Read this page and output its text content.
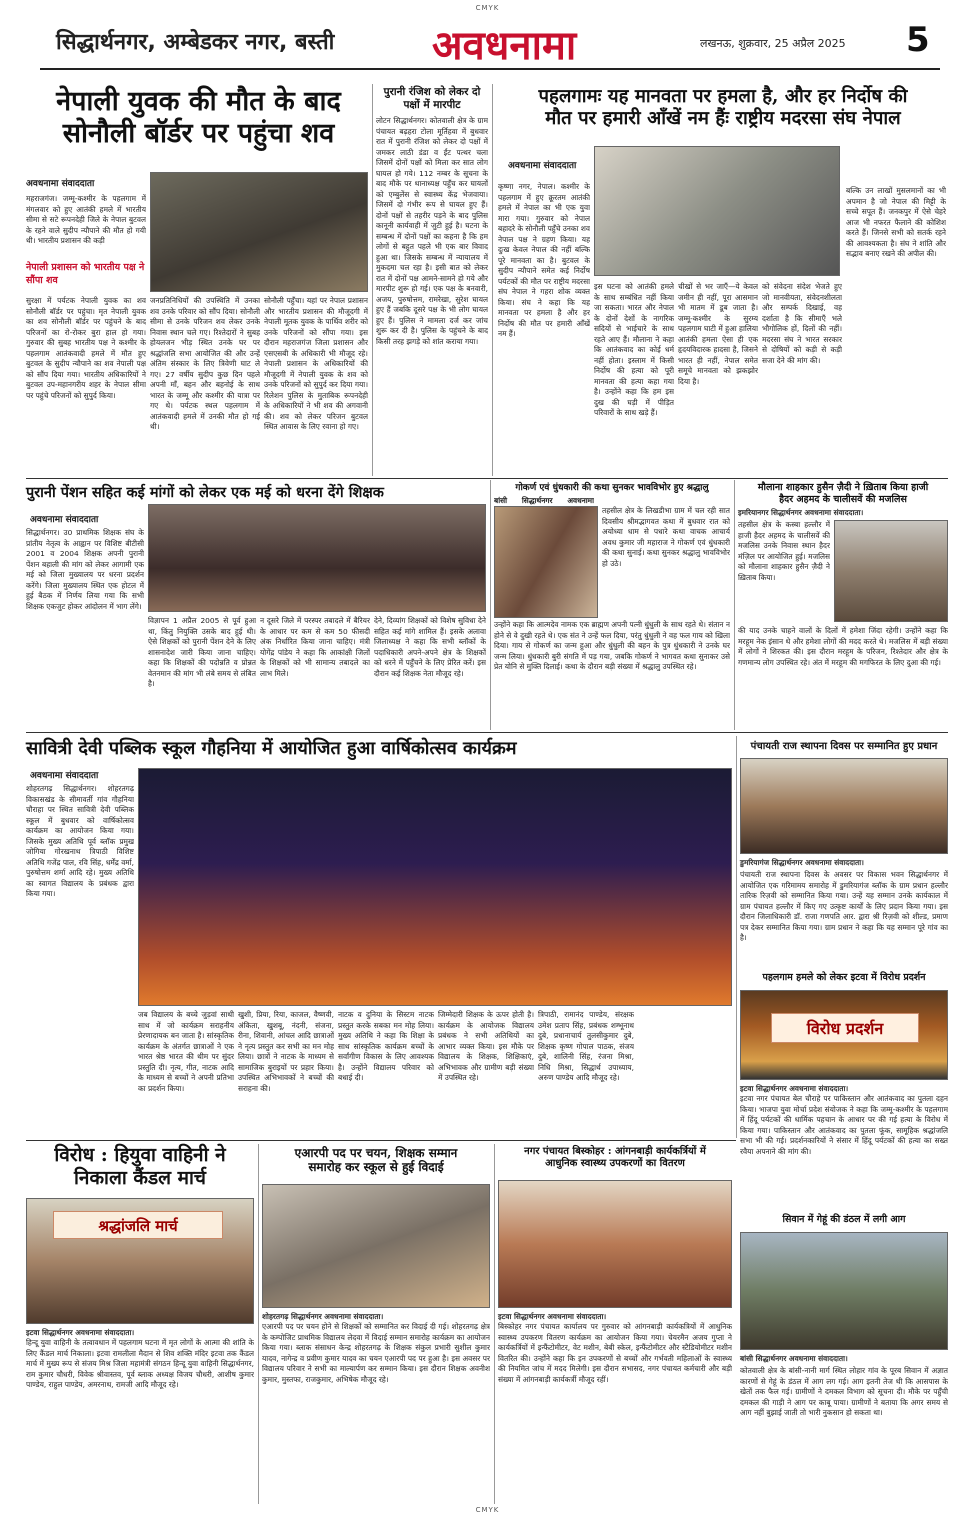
CMYK
सिद्धार्थनगर, अम्बेडकर नगर, बस्ती अवधनामा	लखनऊ, शुक्रवार, 25 अप्रैल 2025 5
नेपाली युवक की मौत के बाद
सोनौली बॉर्डर पर पहुंचा शव
अवधनामा संवाददाता
महराजगंज। जम्मू-कश्मीर के पहलगाम में मंगलवार को हुए आतंकी हमले में भारतीय सीमा से सटे रूपनदेही जिले के नेपाल बुटवल के रहने वाले सुदीप न्यौपाने की मौत हो गयी थी। भारतीय प्रशासन की कड़ी
नेपाली प्रशासन को भारतीय पक्ष ने सौंपा शव
सुरक्षा में पर्यटक नेपाली युवक का शव सोनौली बॉर्डर पर पहुंचा। मृत नेपाली युवक का शव सोनौली बॉर्डर पर पहुंचने के बाद परिजनों का रो-रोकर बुरा हाल हो गया। गुरुवार की सुबह भारतीय पक्ष ने कश्मीर के पहलगाम आतंकवादी हमले में मौत हुए बुटवल के सुदीप न्यौपाने का शव नेपाली पक्ष को सौंप दिया गया। भारतीय अधिकारियों ने बुटवल उप-महानगरीय शहर के नेपाल सीमा पर पहुंचे परिजनों को सुपुर्द किया।
जनप्रतिनिधियों की उपस्थिति में उनका शव उनके परिवार को सौंप दिया। सोनौली सीमा से उनके परिजन शव लेकर उनके निवास स्थान चले गए। रिश्तेदारों ने सुबह होयलजन भीड़ स्थित उनके घर पर श्रद्धांजलि सभा आयोजित की और उन्हें अंतिम संस्कार के लिए त्रिवेणी घाट ले गए। 27 वर्षीय सुदीप कुछ दिन पहले अपनी माँ, बहन और बहनोई के साथ भारत के जम्मू और कश्मीर की यात्रा पर गए थे। पर्यटक स्थल पहलगाम में आतंकवादी हमले में उनकी मौत हो गई थी।
सोनौली पहुँचा। यहां पर नेपाल प्रशासन और भारतीय प्रशासन की मौजूदगी में नेपाली मूतक युवक के पार्थिव शरीर को उनके परिजनों को सौंपा गया। इस दौरान महराजगंज जिला प्रशासन और एसएसबी के अधिकारी भी मौजूद रहे। नेपाली प्रशासन के अधिकारियों की मौजूदगी में नेपाली युवक के शव को उनके परिजनों को सुपुर्द कर दिया गया। रिलेशन पुलिस के मुताबिक रूपनदेही के अधिकारियों ने भी शव की अगवानी की। शव को लेकर परिजन बुटवल स्थित आवास के लिए रवाना हो गए।
पुरानी रंजिश को लेकर दो
पक्षों में मारपीट
लोटन सिद्धार्थनगर। कोतवाली क्षेत्र के ग्राम पंचायत बढ़हरा टोला मूर्तिहवा में बुधवार रात में पुरानी रंजिश को लेकर दो पक्षों में जमकर लाठी डंडा व ईंट पत्थर चला जिसमें दोनों पक्षों को मिला कर सात लोग घायल हो गये। 112 नम्बर के सूचना के बाद मौके पर थानाध्यक्ष पहुँच कर घायलों को एम्बुलेंस से स्वास्थ्य केंद्र भेजवाया। जिसमें दो गंभीर रूप से घायल हुए हैं। दोनों पक्षों से तहरीर पड़ने के बाद पुलिस कानूनी कार्यवाही में जुटी हुई है। घटना के सम्बन्ध में दोनों पक्षों का कहना है कि हम लोगों से बहुत पहले भी एक बार विवाद हुआ था। जिसके सम्बन्ध में न्यायालय में मुकदमा चल रहा है। इसी बात को लेकर रात में दोनों पक्ष आमने-सामने हो गये और मारपीट शुरू हो गई। एक पक्ष के बनवारी, अजय, पुरुषोत्तम, रामरेखा, सुरेश घायल हुए हैं जबकि दूसरे पक्ष के भी लोग घायल हुए हैं। पुलिस ने मामला दर्ज कर जांच शुरू कर दी है। पुलिस के पहुंचने के बाद किसी तरह झगड़े को शांत कराया गया।
पहलगामः यह मानवता पर हमला है, और हर निर्दोष की
मौत पर हमारी आँखें नम हैंः राष्ट्रीय मदरसा संघ नेपाल
अवधनामा संवाददाता
कृष्णा नगर, नेपाल। कश्मीर के पहलगाम में हुए क्रूरतम आतंकी हमले में नेपाल का भी एक युवा मारा गया। गुरुवार को नेपाल बहादरे के सोनौली पहुँचे उनका शव नेपाल पक्ष ने ग्रहण किया। यह दुःख केवल नेपाल की नहीं बल्कि पूरे मानवता का है। बुटवल के सुदीप न्यौपाने समेत कई निर्दोष पर्यटकों की मौत पर राष्ट्रीय मदरसा संघ नेपाल ने गहरा शोक व्यक्त किया। संघ ने कहा कि यह मानवता पर हमला है और हर निर्दोष की मौत पर हमारी आँखें नम हैं।
इस घटना को आतंकी हमले के साथ सम्बंधित नहीं किया जा सकता। भारत और नेपाल के दोनों देशों के नागरिक सदियों से भाईचारे के साथ रहते आए हैं। मौलाना ने कहा कि आतंकवाद का कोई धर्म नहीं होता। इस्लाम में किसी निर्दोष की हत्या को पूरी मानवता की हत्या कहा गया है। उन्होंने कहा कि हम इस दुख की घड़ी में पीड़ित परिवारों के साथ खड़े हैं।
चीखों से भर जाएँ—ये केवल जमीन ही नहीं, पूरा आसमान भी मातम में डूब जाता है। जम्मू-कश्मीर के सुरम्य पहलगाम घाटी में हुआ हालिया आतंकी हमला ऐसा ही एक हृदयविदारक हादसा है, जिसने भारत ही नहीं, नेपाल समेत समूचे मानवता को झकझोर दिया है।
को संवेदना संदेश भेजते हुए जो मानवीयता, संवेदनशीलता और सम्पर्क दिखाई, वह दर्शाता है कि सीमाएँ भले भौगोलिक हों, दिलों की नहीं। मदरसा संघ ने भारत सरकार से दोषियों को कड़ी से कड़ी सजा देने की मांग की।
बल्कि उन लाखों मुसलमानों का भी अपमान है जो नेपाल की मिट्टी के सच्चे सपूत हैं। जनकपुर में ऐसे चेहरे आज भी नफरत फैलाने की कोशिश करते हैं। जिनसे सभी को सतर्क रहने की आवश्यकता है। संघ ने शांति और सद्भाव बनाए रखने की अपील की।
पुरानी पेंशन सहित कई मांगों को लेकर एक मई को धरना देंगे शिक्षक
अवधनामा संवाददाता
सिद्धार्थनगर। उ0 प्राथमिक शिक्षक संघ के प्रांतीय नेतृत्व के आह्वान पर विशिष्ट बीटीसी 2001 व 2004 शिक्षक अपनी पुरानी पेंशन बहाली की मांग को लेकर आगामी एक मई को जिला मुख्यालय पर धरना प्रदर्शन करेंगे। जिला मुख्यालय स्थित एक होटल में हुई बैठक में निर्णय लिया गया कि सभी शिक्षक एकजुट होकर आंदोलन में भाग लेंगे।
विज्ञापन 1 अप्रैल 2005 से पूर्व हुआ था, किंतु नियुक्ति उसके बाद हुई थी। ऐसे शिक्षकों को पुरानी पेंशन देने के लिए शासनादेश जारी किया जाना चाहिए। कहा कि शिक्षकों की पदोन्नति व प्रोन्नत वेतनमान की मांग भी लंबे समय से लंबित है।
न दूसरे जिले में परस्पर तबादले में बैरियर के आधार पर कम से कम 50 फीसदी अंक निर्धारित किया जाना चाहिए। मंत्री योगेंद्र पांडेय ने कहा कि आकांक्षी जिलों के शिक्षकों को भी सामान्य तबादले का लाभ मिले।
देने, दिव्यांग शिक्षकों को विशेष सुविधा देने सहित कई मांगे शामिल हैं। इसके अलावा जिलाध्यक्ष ने कहा कि सभी ब्लॉकों के पदाधिकारी अपने-अपने क्षेत्र के शिक्षकों को धरने में पहुँचने के लिए प्रेरित करें। इस दौरान कई शिक्षक नेता मौजूद रहे।
गोकर्ण एवं धुंधकारी की कथा सुनकर भावविभोर हुए श्रद्धालु
बांसी सिद्धार्थनगर अवधनामा
तहसील क्षेत्र के लिखडीभा ग्राम में चल रही सात दिवसीय श्रीमद्भागवत कथा में बुधवार रात को अयोध्या धाम से पधारे कथा वाचक आचार्य अवध कुमार जी महाराज ने गोकर्ण एवं धुंधकारी की कथा सुनाई। कथा सुनकर श्रद्धालु भावविभोर हो उठे।
उन्होंने कहा कि आत्मदेव नामक एक ब्राह्मण अपनी पत्नी धुंधुली के साथ रहते थे। संतान न होने से वे दुखी रहते थे। एक संत ने उन्हें फल दिया, परंतु धुंधुली ने वह फल गाय को खिला दिया। गाय से गोकर्ण का जन्म हुआ और धुंधुली की बहन के पुत्र धुंधकारी ने उनके घर जन्म लिया। धुंधकारी बुरी संगति में पड़ गया, जबकि गोकर्ण ने भागवत कथा सुनाकर उसे प्रेत योनि से मुक्ति दिलाई। कथा के दौरान बड़ी संख्या में श्रद्धालु उपस्थित रहे।
मौलाना शाहकार हुसैन ज़ैदी ने ख़िताब किया हाजी
हैदर अहमद के चालीसवें की मजलिस
इमरियानगर सिद्धार्थनगर अवधनामा संवाददाता।
तहसील क्षेत्र के कस्बा हल्लौर में हाजी हैदर अहमद के चालीसवें की मजलिस उनके निवास स्थान हैदर मंज़िल पर आयोजित हुई। मजलिस को मौलाना शाहकार हुसैन ज़ैदी ने ख़िताब किया।
की याद उनके चाहने वालों के दिलों में हमेशा जिंदा रहेगी। उन्होंने कहा कि मरहूम नेक इंसान थे और हमेशा लोगों की मदद करते थे। मजलिस में बड़ी संख्या में लोगों ने शिरकत की। इस दौरान मरहूम के परिजन, रिश्तेदार और क्षेत्र के गणमान्य लोग उपस्थित रहे। अंत में मरहूम की मगफिरत के लिए दुआ की गई।
सावित्री देवी पब्लिक स्कूल गौहनिया में आयोजित हुआ वार्षिकोत्सव कार्यक्रम
अवधनामा संवाददाता
शोहरतगढ़ सिद्धार्थनगर। शोहरतगढ़ विकासखंड के सीमावर्ती गांव गौहनिया चौराहा पर स्थित सावित्री देवी पब्लिक स्कूल में बुधवार को वार्षिकोत्सव कार्यक्रम का आयोजन किया गया। जिसके मुख्य अतिथि पूर्व ब्लॉक प्रमुख जोगिया गोरखनाथ त्रिपाठी विशिष्ट अतिथि गजेंद्र पाल, रवि सिंह, धर्मेंद्र वर्मा, पुरुषोत्तम शर्मा आदि रहे। मुख्य अतिथि का स्वागत विद्यालय के प्रबंधक द्वारा किया गया।
जब विद्यालय के बच्चे जुड़वां साथी साथ में जो कार्यक्रम सराहनीय प्रेरणादायक बन जाता है। सांस्कृतिक कार्यक्रम के अंतर्गत छात्राओं ने एक भारत श्रेष्ठ भारत की थीम पर सुंदर प्रस्तुति दी। नृत्य, गीत, नाटक आदि के माध्यम से बच्चों ने अपनी प्रतिभा का प्रदर्शन किया।
खुशी, प्रिया, रिया, काजल, वैष्णवी, अंकिता, खुशबू, नंदनी, संजना, रीना, शिवानी, आंचल आदि छात्राओं ने नृत्य प्रस्तुत कर सभी का मन मोह लिया। छात्रों ने नाटक के माध्यम से सामाजिक बुराइयों पर प्रहार किया। उपस्थित अभिभावकों ने बच्चों की सराहना की।
नाटक व दुनिया के सिस्टम नाटक प्रस्तुत करके सबका मन मोह लिया। मुख्य अतिथि ने कहा कि शिक्षा के साथ सांस्कृतिक कार्यक्रम बच्चों के सर्वांगीण विकास के लिए आवश्यक है। उन्होंने विद्यालय परिवार को बधाई दी।
जिम्मेदारी शिक्षक के ऊपर होती है। कार्यक्रम के आयोजक विद्यालय प्रबंधक ने सभी अतिथियों का आभार व्यक्त किया। इस मौके पर विद्यालय के शिक्षक, शिक्षिकाएं, अभिभावक और ग्रामीण बड़ी संख्या में उपस्थित रहे।
त्रिपाठी, रामानंद पाण्डेय, संरक्षक उमेश प्रताप सिंह, प्रबंधक शम्भूनाथ दुबे, प्रधानाचार्य तुलसीकुमार दुबे, शिक्षक कृष्ण गोपाल पाठक, संजय दुबे, शालिनी सिंह, रंजना मिश्रा, निधि मिश्रा, सिद्धार्थ उपाध्याय, अरुण पाण्डेय आदि मौजूद रहे।
पंचायती राज स्थापना दिवस पर सम्मानित हुए प्रधान
डुमरियागंज सिद्धार्थनगर अवधनामा संवाददाता।
पंचायती राज स्थापना दिवस के अवसर पर विकास भवन सिद्धार्थनगर में आयोजित एक गरिमामय समारोह में डुमरियागंज ब्लॉक के ग्राम प्रधान हल्लौर तारिक रिज़वी को सम्मानित किया गया। उन्हें यह सम्मान उनके कार्यकाल में ग्राम पंचायत हल्लौर में किए गए उत्कृष्ट कार्यों के लिए प्रदान किया गया। इस दौरान जिलाधिकारी डॉ. राजा गणपति आर. द्वारा श्री रिज़वी को शील्ड, प्रमाण पत्र देकर सम्मानित किया गया। ग्राम प्रधान ने कहा कि यह सम्मान पूरे गांव का है।
पहलगाम हमले को लेकर इटवा में विरोध प्रदर्शन
विरोध प्रदर्शन
इटवा सिद्धार्थनगर अवधनामा संवाददाता।
इटवा नगर पंचायत बेल चौराहे पर पाकिस्तान और आतंकवाद का पुतला दहन किया। भाजपा युवा मोर्चा प्रदेश संयोजक ने कहा कि जम्मू-कश्मीर के पहलगाम में हिंदू पर्यटकों की धार्मिक पहचान के आधार पर की गई हत्या के विरोध में किया गया। पाकिस्तान और आतंकवाद का पुतला फूंक, सामूहिक श्रद्धांजलि सभा भी की गई। प्रदर्शनकारियों ने संसार में हिंदू पर्यटकों की हत्या का सख्त रवैया अपनाने की मांग की।
सिवान में गेहूं की डंठल में लगी आग
बांसी सिद्धार्थनगर अवधनामा संवाददाता।
कोतवाली क्षेत्र के बांसी-नानी मार्ग स्थित लोहार गांव के पूरब सिवान में अज्ञात कारणों से गेहूं के डंठल में आग लग गई। आग इतनी तेज थी कि आसपास के खेतों तक फैल गई। ग्रामीणों ने दमकल विभाग को सूचना दी। मौके पर पहुँची दमकल की गाड़ी ने आग पर काबू पाया। ग्रामीणों ने बताया कि अगर समय से आग नहीं बुझाई जाती तो भारी नुकसान हो सकता था।
विरोध : हियुवा वाहिनी ने
निकाला कैंडल मार्च
श्रद्धांजलि मार्च
इटवा सिद्धार्थनगर अवधनामा संवाददाता।
हिन्दू युवा वाहिनी के तत्वावधान में पहलगाम घटना में मृत लोगों के आत्मा की शांति के लिए कैंडल मार्च निकाला। इटवा रामलीला मैदान से शिव शक्ति मंदिर इटवा तक कैंडल मार्च में मुख्य रूप से संजय मिश्र जिला महामंत्री संगठन हिन्दू युवा वाहिनी सिद्धार्थनगर, राम कुमार चौधरी, विवेक श्रीवास्तव, पूर्व ब्लाक अध्यक्ष विजय चौधरी, आशीष कुमार पाण्डेय, राहुल पाण्डेय, अमरनाथ, रामजी आदि मौजूद रहे।
एआरपी पद पर चयन, शिक्षक सम्मान
समारोह कर स्कूल से हुई विदाई
शोहरतगढ़ सिद्धार्थनगर अवधनामा संवाददाता।
एआरपी पद पर चयन होने से शिक्षकों को सम्मानित कर विदाई दी गई। शोहरतगढ़ क्षेत्र के कम्पोजिट प्राथमिक विद्यालय लेदवा में विदाई सम्मान समारोह कार्यक्रम का आयोजन किया गया। ब्लाक संसाधन केन्द्र शोहरतगढ़ के शिक्षक संकुल प्रभारी सुशील कुमार यादव, नागेन्द्र व प्रवीण कुमार यादव का चयन एआरपी पद पर हुआ है। इस अवसर पर विद्यालय परिवार ने सभी का माल्यार्पण कर सम्मान किया। इस दौरान शिक्षक अवनीश कुमार, मुस्तफा, राजकुमार, अभिषेक मौजूद रहे।
नगर पंचायत बिस्कोहर : आंगनबाड़ी कार्यकर्त्रियों में
आधुनिक स्वास्थ्य उपकरणों का वितरण
इटवा सिद्धार्थनगर अवधनामा संवाददाता।
बिस्कोहर नगर पंचायत कार्यालय पर गुरुवार को आंगनबाड़ी कार्यकत्रियों में आधुनिक स्वास्थ्य उपकरण वितरण कार्यक्रम का आयोजन किया गया। चेयरमैन अजय गुप्ता ने कार्यकर्त्रियों में इन्फैंटोमीटर, वेट मशीन, बेबी स्केल, इन्फैंटोमीटर और स्टैडियोमीटर मशीन वितरित की। उन्होंने कहा कि इन उपकरणों से बच्चों और गर्भवती महिलाओं के स्वास्थ्य की नियमित जांच में मदद मिलेगी। इस दौरान सभासद, नगर पंचायत कर्मचारी और बड़ी संख्या में आंगनबाड़ी कार्यकर्त्री मौजूद रहीं।
CMYK
